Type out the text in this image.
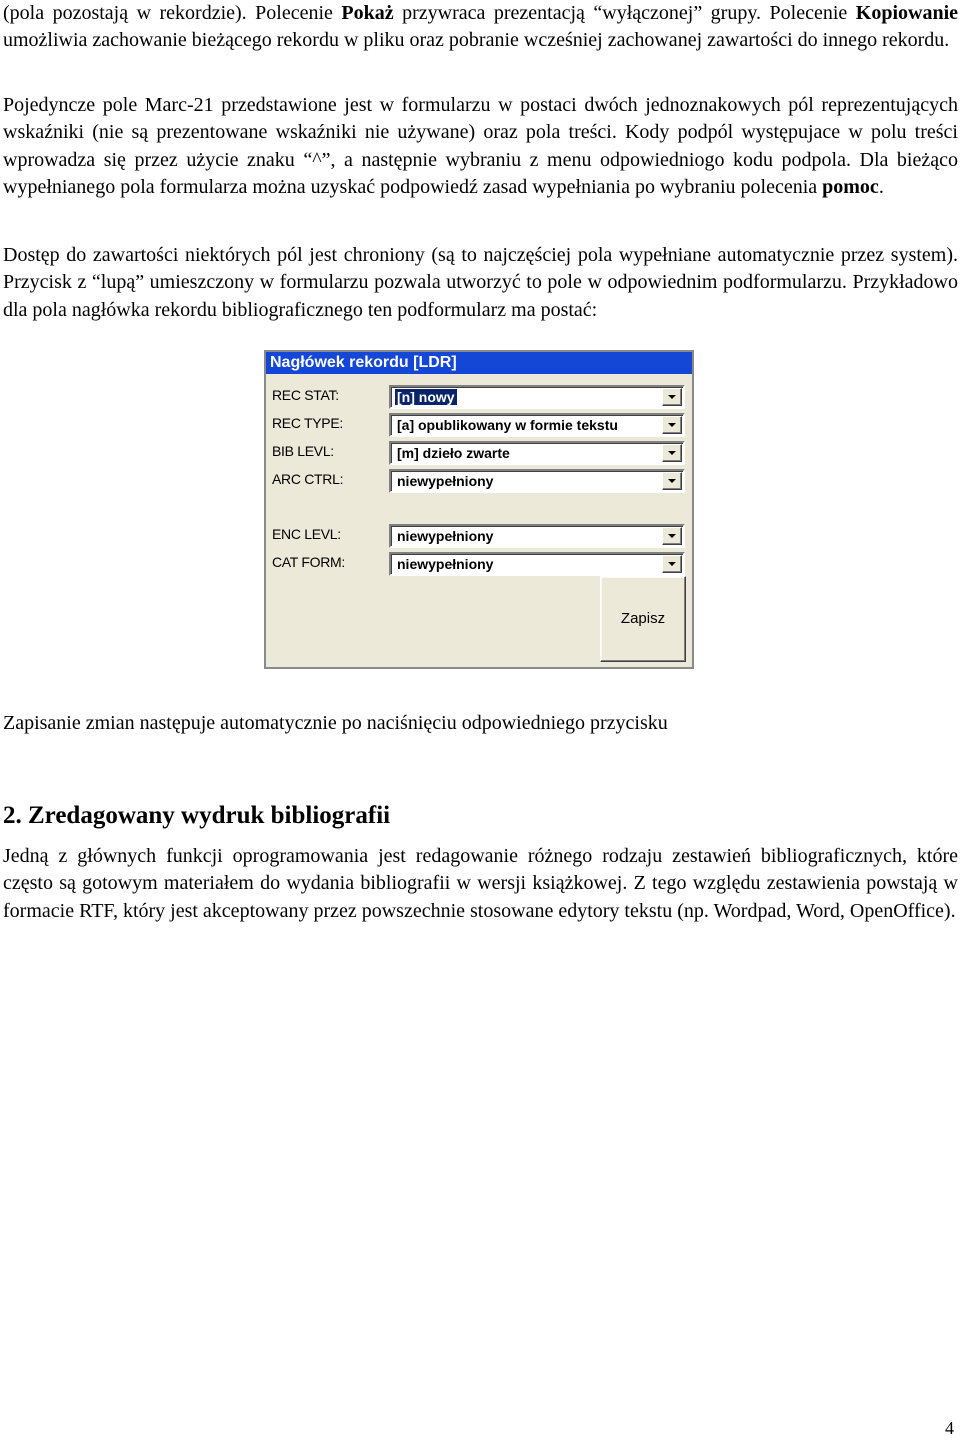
(pola pozostają w rekordzie). Polecenie Pokaż przywraca prezentacją “wyłączonej” grupy. Polecenie Kopiowanie umożliwia zachowanie bieżącego rekordu w pliku oraz pobranie wcześniej zachowanej zawartości do innego rekordu.

Pojedyncze pole Marc-21 przedstawione jest w formularzu w postaci dwóch jednoznakowych pól reprezentujących wskaźniki (nie są prezentowane wskaźniki nie używane) oraz pola treści. Kody podpól występujace w polu treści wprowadza się przez użycie znaku “^”, a następnie wybraniu z menu odpowiedniogo kodu podpola. Dla bieżąco wypełnianego pola formularza można uzyskać podpowiedź zasad wypełniania po wybraniu polecenia pomoc.

Dostęp do zawartości niektórych pól jest chroniony (są to najczęściej pola wypełniane automatycznie przez system). Przycisk z “lupą” umieszczony w formularzu pozwala utworzyć to pole w odpowiednim podformularzu. Przykładowo dla pola nagłówka rekordu bibliograficznego ten podformularz ma postać:

Nagłówek rekordu [LDR]
REC STAT:	[n] nowy
REC TYPE:	[a] opublikowany w formie tekstu
BIB LEVL:	[m] dzieło zwarte
ARC CTRL:	niewypełniony
ENC LEVL:	niewypełniony
CAT FORM:	niewypełniony
Zapisz

Zapisanie zmian następuje automatycznie po naciśnięciu odpowiedniego przycisku

2. Zredagowany wydruk bibliografii

Jedną z głównych funkcji oprogramowania jest redagowanie różnego rodzaju zestawień bibliograficznych, które często są gotowym materiałem do wydania bibliografii w wersji książkowej. Z tego względu zestawienia powstają w formacie RTF, który jest akceptowany przez powszechnie stosowane edytory tekstu (np. Wordpad, Word, OpenOffice).

4
